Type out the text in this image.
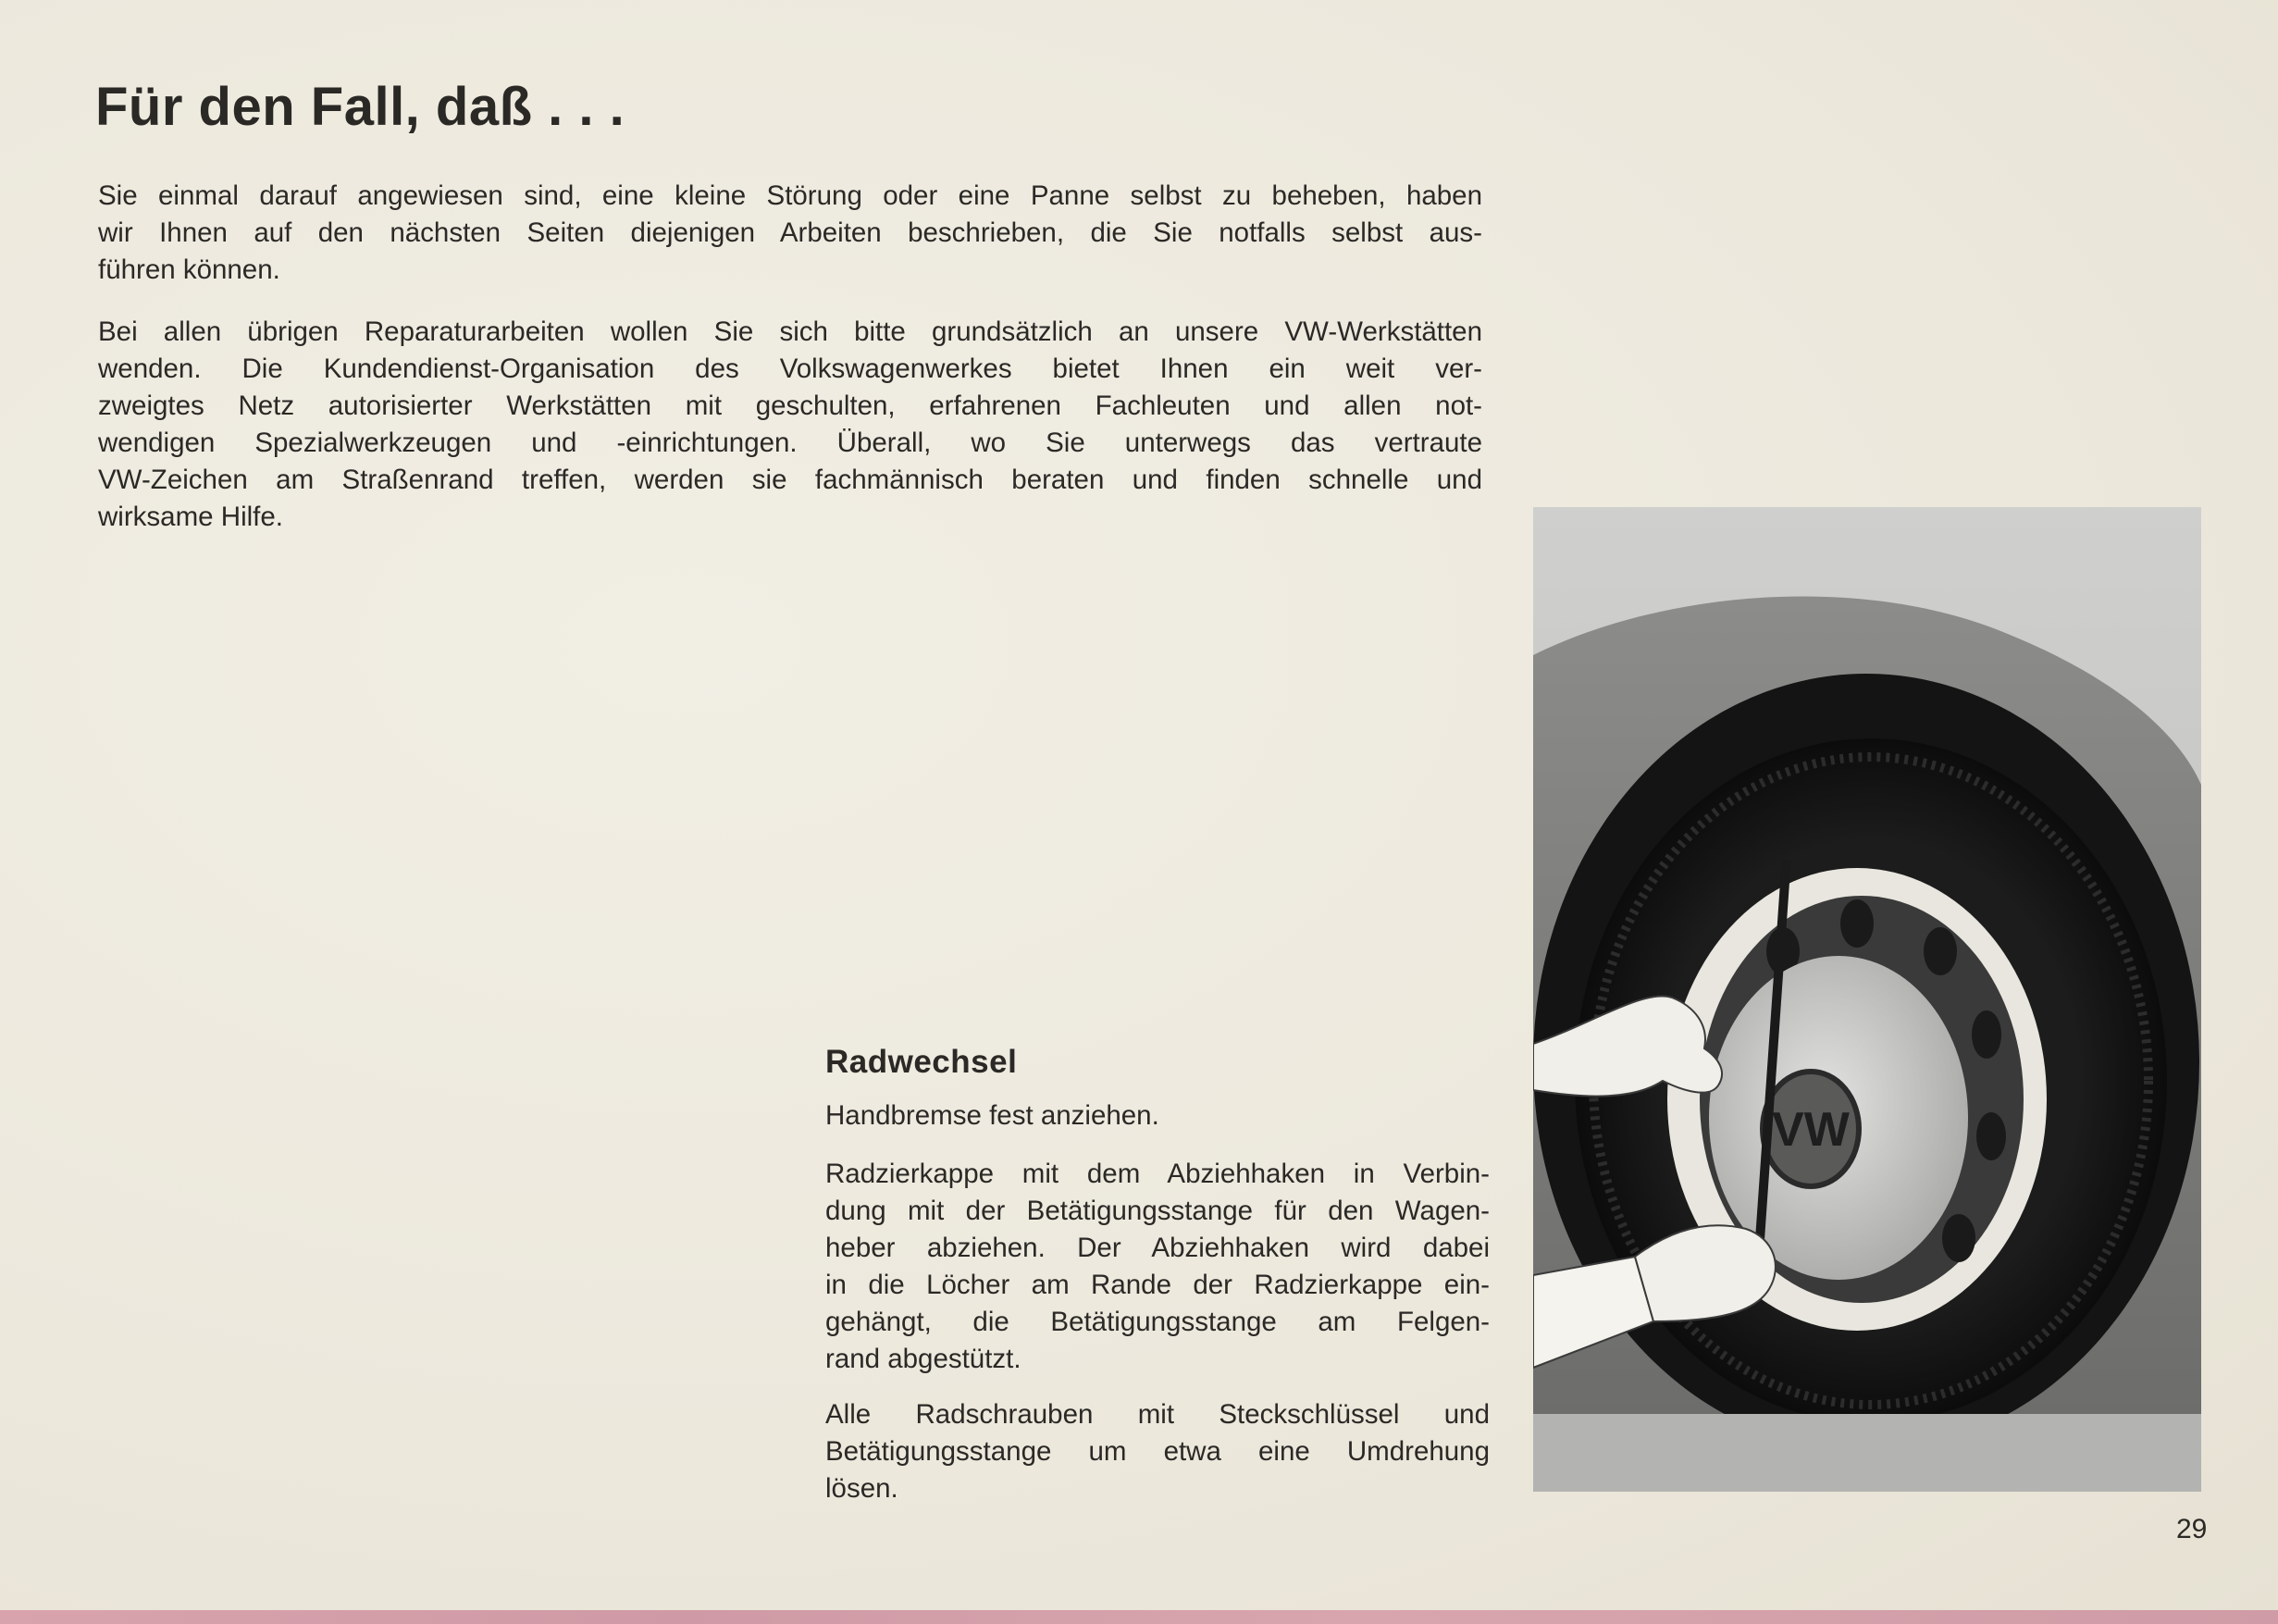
Für den Fall, daß . . .

Sie einmal darauf angewiesen sind, eine kleine Störung oder eine Panne selbst zu beheben, haben
wir Ihnen auf den nächsten Seiten diejenigen Arbeiten beschrieben, die Sie notfalls selbst aus-
führen können.

Bei allen übrigen Reparaturarbeiten wollen Sie sich bitte grundsätzlich an unsere VW-Werkstätten
wenden. Die Kundendienst-Organisation des Volkswagenwerkes bietet Ihnen ein weit ver-
zweigtes Netz autorisierter Werkstätten mit geschulten, erfahrenen Fachleuten und allen not-
wendigen Spezialwerkzeugen und -einrichtungen. Überall, wo Sie unterwegs das vertraute
VW-Zeichen am Straßenrand treffen, werden sie fachmännisch beraten und finden schnelle und
wirksame Hilfe.

Radwechsel

Handbremse fest anziehen.

Radzierkappe mit dem Abziehhaken in Verbin-
dung mit der Betätigungsstange für den Wagen-
heber abziehen. Der Abziehhaken wird dabei
in die Löcher am Rande der Radzierkappe ein-
gehängt, die Betätigungsstange am Felgen-
rand abgestützt.

Alle Radschrauben mit Steckschlüssel und
Betätigungsstange um etwa eine Umdrehung
lösen.

VW

29
